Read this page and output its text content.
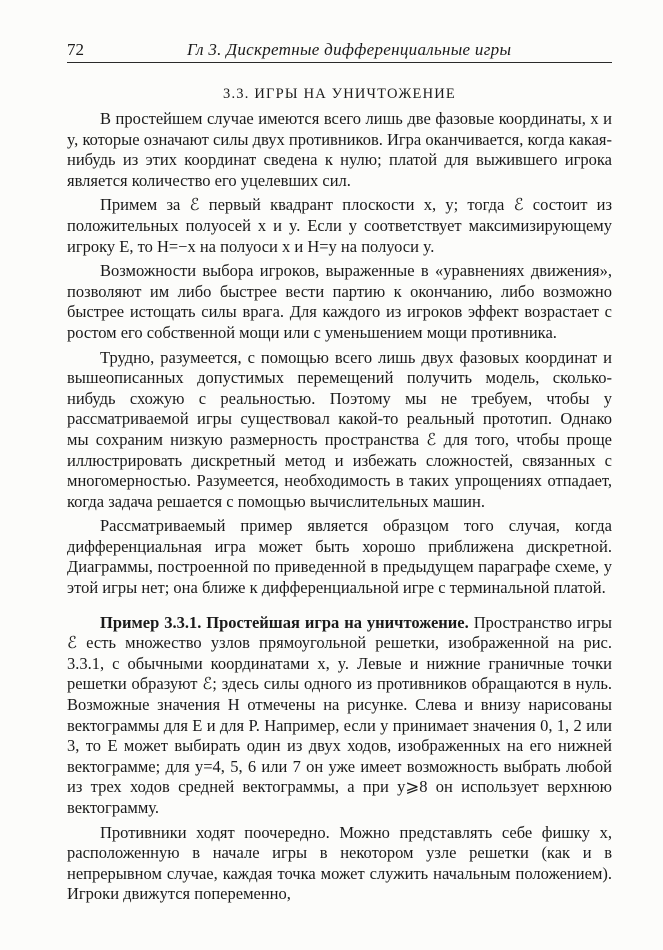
72	Гл 3. Дискретные дифференциальные игры
3.3. ИГРЫ НА УНИЧТОЖЕНИЕ

В простейшем случае имеются всего лишь две фазовые координаты, x и y, которые означают силы двух противников. Игра оканчивается, когда какая-нибудь из этих координат сведена к нулю; платой для выжившего игрока является количество его уцелевших сил.

Примем за ℰ первый квадрант плоскости x, y; тогда ℰ состоит из положительных полуосей x и y. Если y соответствует максимизирующему игроку E, то H=−x на полуоси x и H=y на полуоси y.

Возможности выбора игроков, выраженные в «уравнениях движения», позволяют им либо быстрее вести партию к окончанию, либо возможно быстрее истощать силы врага. Для каждого из игроков эффект возрастает с ростом его собственной мощи или с уменьшением мощи противника.

Трудно, разумеется, с помощью всего лишь двух фазовых координат и вышеописанных допустимых перемещений получить модель, сколько-нибудь схожую с реальностью. Поэтому мы не требуем, чтобы у рассматриваемой игры существовал какой-то реальный прототип. Однако мы сохраним низкую размерность пространства ℰ для того, чтобы проще иллюстрировать дискретный метод и избежать сложностей, связанных с многомерностью. Разумеется, необходимость в таких упрощениях отпадает, когда задача решается с помощью вычислительных машин.

Рассматриваемый пример является образцом того случая, когда дифференциальная игра может быть хорошо приближена дискретной. Диаграммы, построенной по приведенной в предыдущем параграфе схеме, у этой игры нет; она ближе к дифференциальной игре с терминальной платой.

Пример 3.3.1. Простейшая игра на уничтожение. Пространство игры ℰ есть множество узлов прямоугольной решетки, изображенной на рис. 3.3.1, с обычными координатами x, y. Левые и нижние граничные точки решетки образуют ℰ; здесь силы одного из противников обращаются в нуль. Возможные значения H отмечены на рисунке. Слева и внизу нарисованы вектограммы для E и для P. Например, если y принимает значения 0, 1, 2 или 3, то E может выбирать один из двух ходов, изображенных на его нижней вектограмме; для y=4, 5, 6 или 7 он уже имеет возможность выбрать любой из трех ходов средней вектограммы, а при y⩾8 он использует верхнюю вектограмму.

Противники ходят поочередно. Можно представлять себе фишку x, расположенную в начале игры в некотором узле решетки (как и в непрерывном случае, каждая точка может служить начальным положением). Игроки движутся попеременно,
